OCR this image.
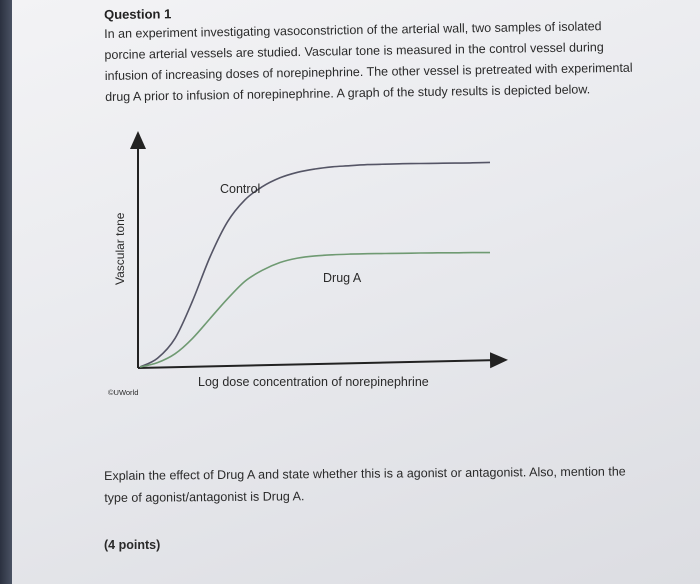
Question 1
In an experiment investigating vasoconstriction of the arterial wall, two samples of isolated
porcine arterial vessels are studied. Vascular tone is measured in the control vessel during
infusion of increasing doses of norepinephrine. The other vessel is pretreated with experimental
drug A prior to infusion of norepinephrine. A graph of the study results is depicted below.
Control
Drug A
Vascular tone
Log dose concentration of norepinephrine
©UWorld
Explain the effect of Drug A and state whether this is a agonist or antagonist. Also, mention the
type of agonist/antagonist is Drug A.
(4 points)
